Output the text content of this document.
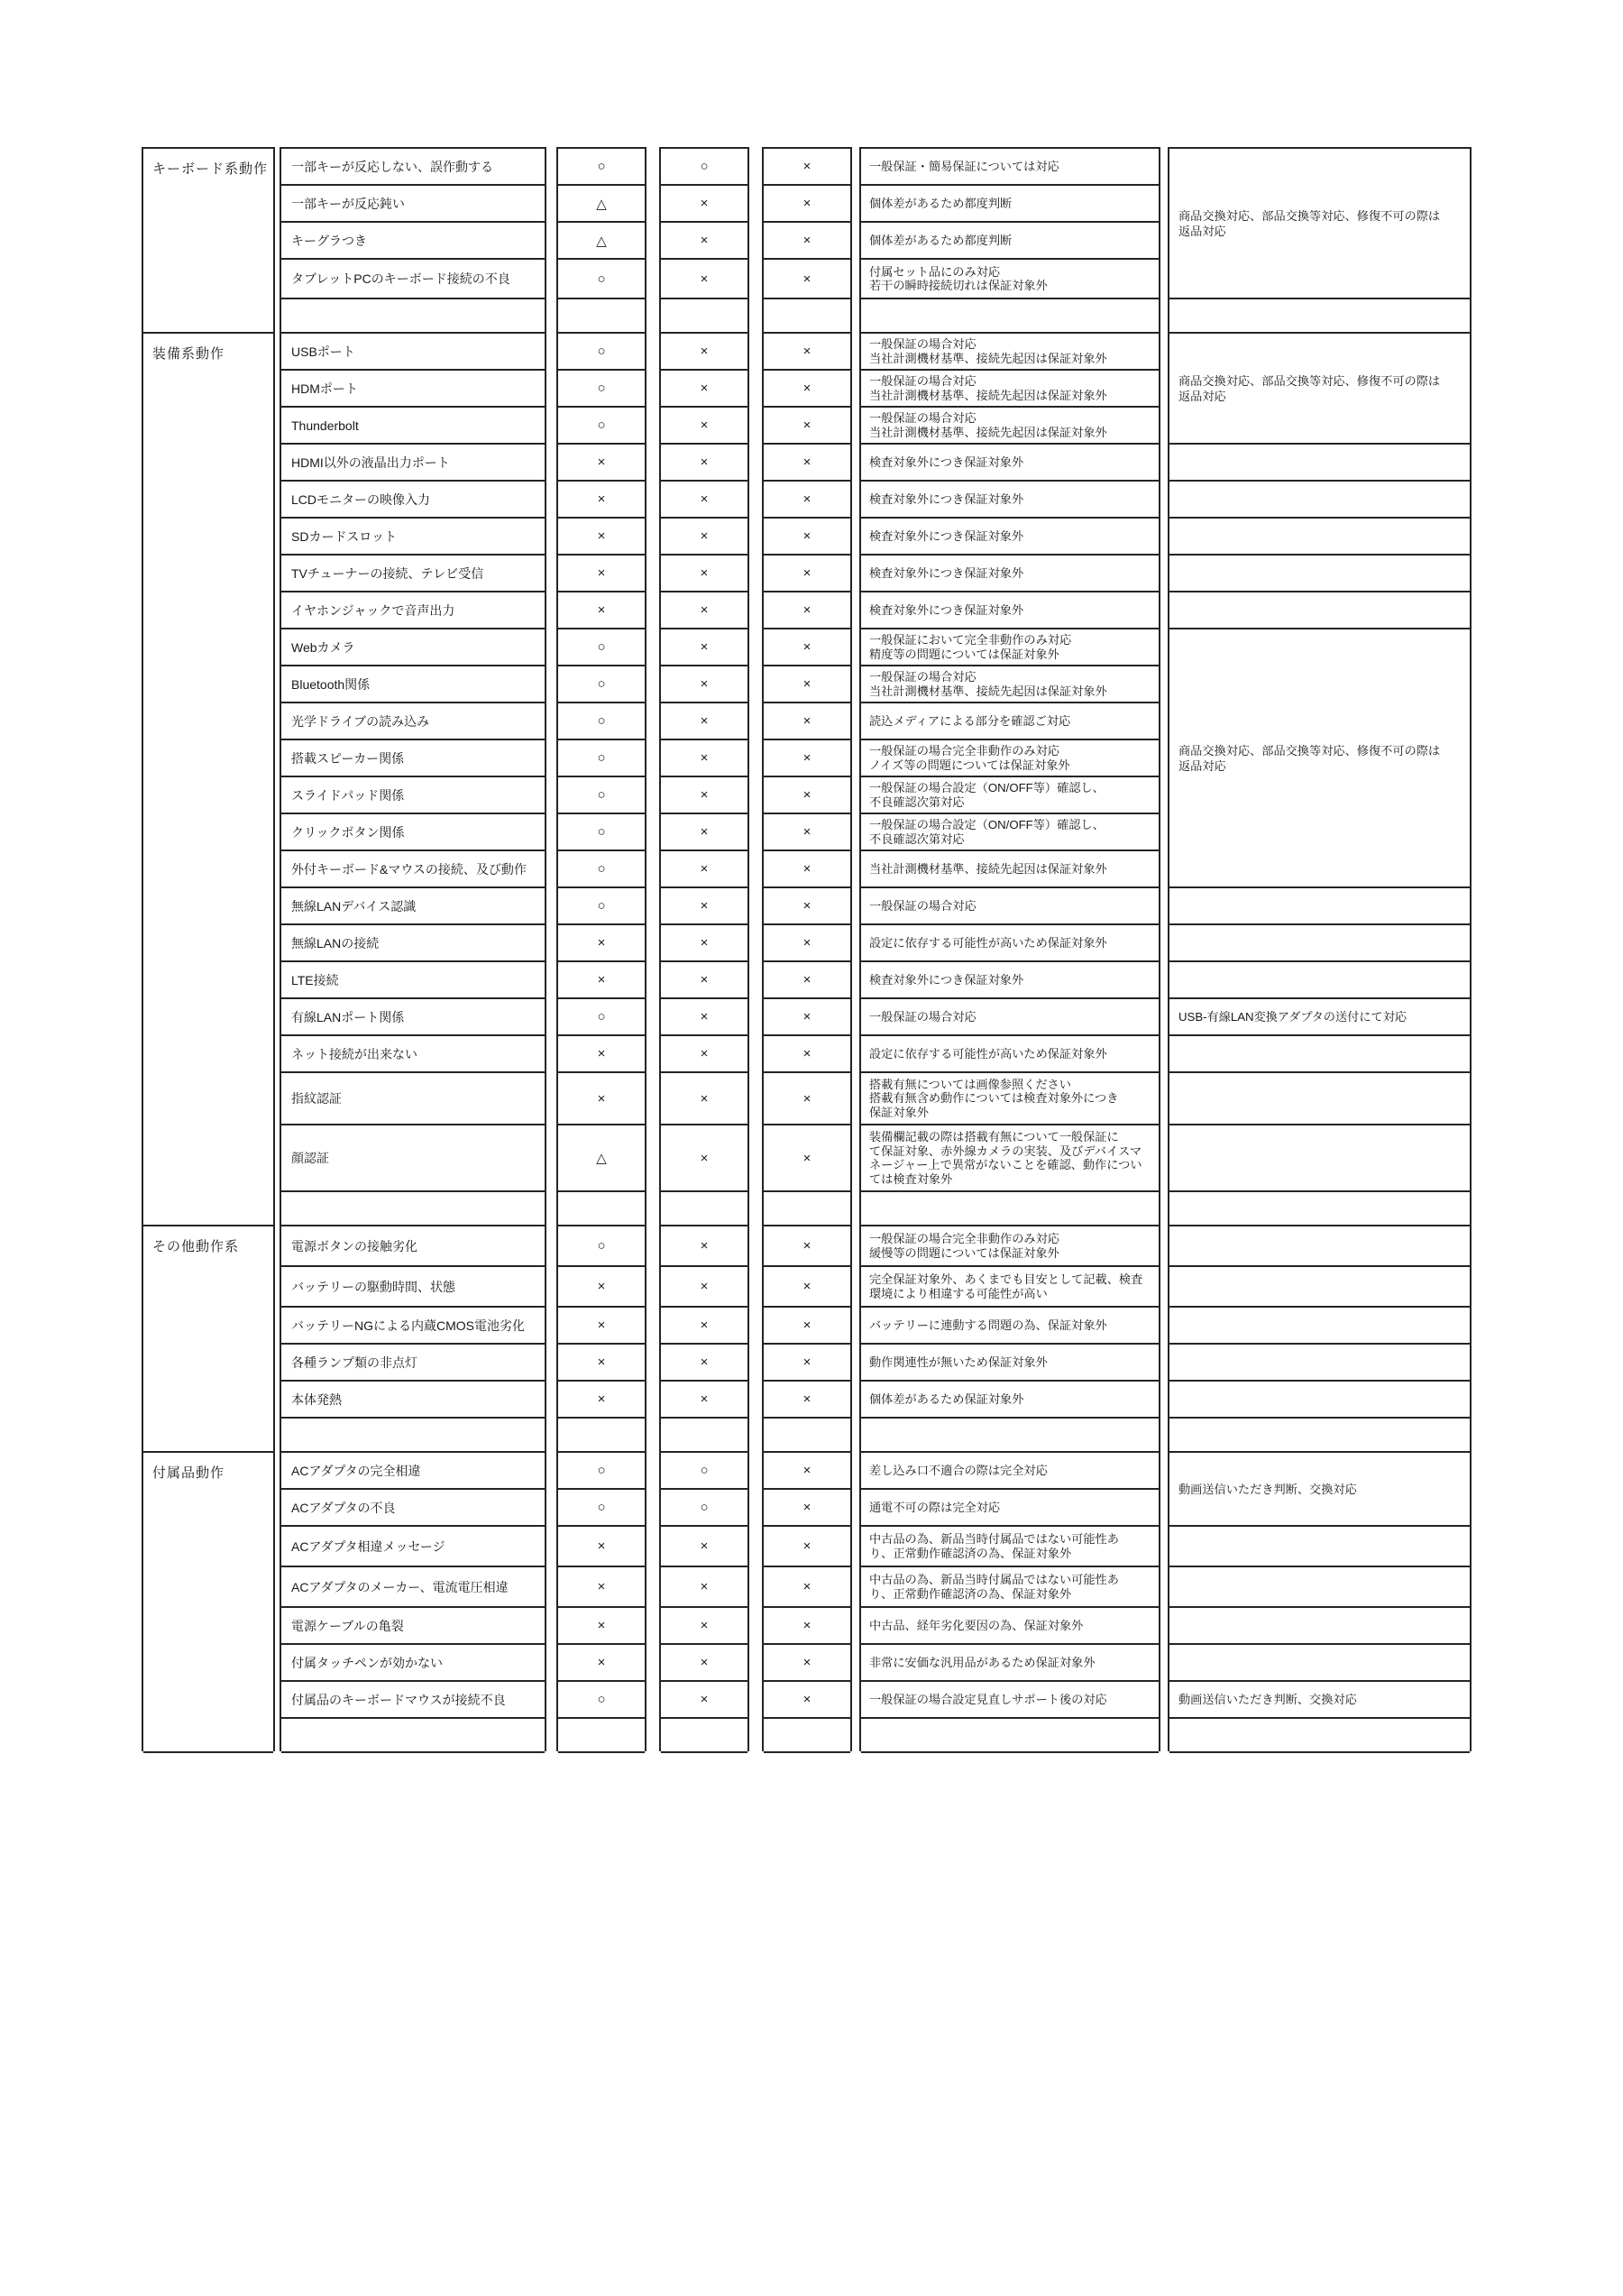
キーボード系動作
装備系動作
その他動作系
付属品動作
一部キーが反応しない、誤作動する
一部キーが反応鈍い
キーグラつき
タブレットPCのキーボード接続の不良
USBポート
HDMポート
Thunderbolt
HDMI以外の液晶出力ポート
LCDモニターの映像入力
SDカードスロット
TVチューナーの接続、テレビ受信
イヤホンジャックで音声出力
Webカメラ
Bluetooth関係
光学ドライブの読み込み
搭載スピーカー関係
スライドパッド関係
クリックボタン関係
外付キーボード&マウスの接続、及び動作
無線LANデバイス認識
無線LANの接続
LTE接続
有線LANポート関係
ネット接続が出来ない
指紋認証
顔認証
電源ボタンの接触劣化
バッテリーの駆動時間、状態
バッテリーNGによる内蔵CMOS電池劣化
各種ランプ類の非点灯
本体発熱
ACアダプタの完全相違
ACアダプタの不良
ACアダプタ相違メッセージ
ACアダプタのメーカー、電流電圧相違
電源ケーブルの亀裂
付属タッチペンが効かない
付属品のキーボードマウスが接続不良
○
△
△
○
○
○
○
×
×
×
×
×
○
○
○
○
○
○
○
○
×
×
○
×
×
△
○
×
×
×
×
○
○
×
×
×
×
○
○
×
×
×
×
×
×
×
×
×
×
×
×
×
×
×
×
×
×
×
×
×
×
×
×
×
×
×
×
×
×
○
○
×
×
×
×
×
×
×
×
×
×
×
×
×
×
×
×
×
×
×
×
×
×
×
×
×
×
×
×
×
×
×
×
×
×
×
×
×
×
×
×
×
×
×
一般保証・簡易保証については対応
個体差があるため都度判断
個体差があるため都度判断
付属セット品にのみ対応
若干の瞬時接続切れは保証対象外
一般保証の場合対応
当社計測機材基準、接続先起因は保証対象外
一般保証の場合対応
当社計測機材基準、接続先起因は保証対象外
一般保証の場合対応
当社計測機材基準、接続先起因は保証対象外
検査対象外につき保証対象外
検査対象外につき保証対象外
検査対象外につき保証対象外
検査対象外につき保証対象外
検査対象外につき保証対象外
一般保証において完全非動作のみ対応
精度等の問題については保証対象外
一般保証の場合対応
当社計測機材基準、接続先起因は保証対象外
読込メディアによる部分を確認ご対応
一般保証の場合完全非動作のみ対応
ノイズ等の問題については保証対象外
一般保証の場合設定（ON/OFF等）確認し、
不良確認次第対応
一般保証の場合設定（ON/OFF等）確認し、
不良確認次第対応
当社計測機材基準、接続先起因は保証対象外
一般保証の場合対応
設定に依存する可能性が高いため保証対象外
検査対象外につき保証対象外
一般保証の場合対応
設定に依存する可能性が高いため保証対象外
搭載有無については画像参照ください
搭載有無含め動作については検査対象外につき
保証対象外
装備欄記載の際は搭載有無について一般保証に
て保証対象、赤外線カメラの実装、及びデバイスマ
ネージャー上で異常がないことを確認、動作につい
ては検査対象外
一般保証の場合完全非動作のみ対応
緩慢等の問題については保証対象外
完全保証対象外、あくまでも目安として記載、検査
環境により相違する可能性が高い
バッテリーに連動する問題の為、保証対象外
動作関連性が無いため保証対象外
個体差があるため保証対象外
差し込み口不適合の際は完全対応
通電不可の際は完全対応
中古品の為、新品当時付属品ではない可能性あ
り、正常動作確認済の為、保証対象外
中古品の為、新品当時付属品ではない可能性あ
り、正常動作確認済の為、保証対象外
中古品、経年劣化要因の為、保証対象外
非常に安価な汎用品があるため保証対象外
一般保証の場合設定見直しサポート後の対応
商品交換対応、部品交換等対応、修復不可の際は
返品対応
商品交換対応、部品交換等対応、修復不可の際は
返品対応
商品交換対応、部品交換等対応、修復不可の際は
返品対応
USB-有線LAN変換アダプタの送付にて対応
動画送信いただき判断、交換対応
動画送信いただき判断、交換対応
